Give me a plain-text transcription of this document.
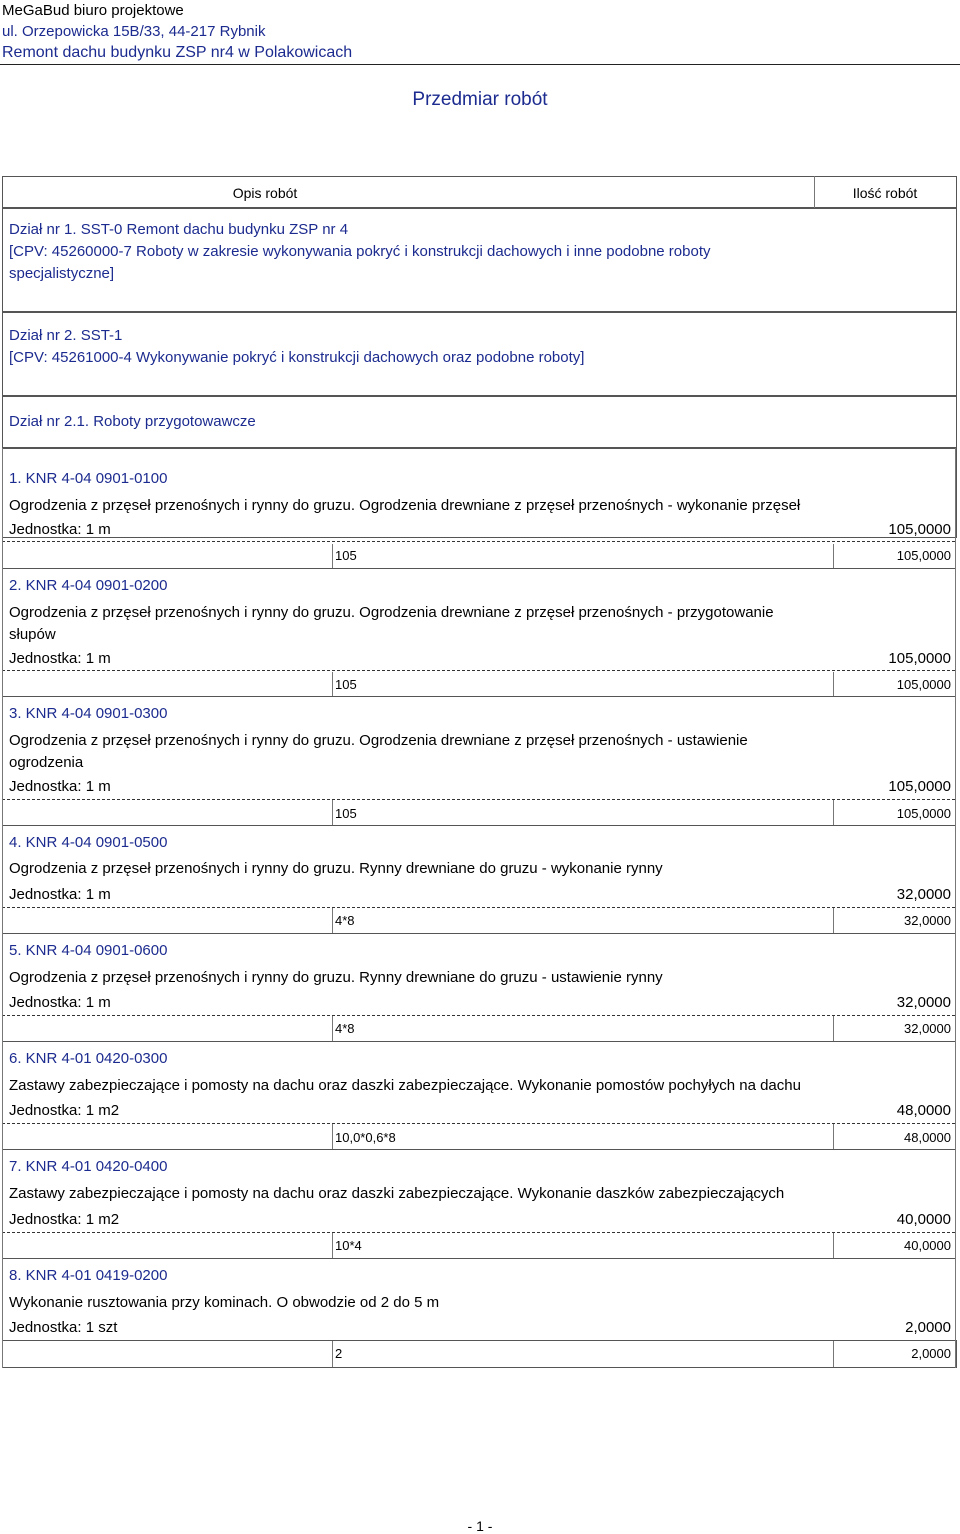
MeGaBud biuro projektowe
ul. Orzepowicka 15B/33, 44-217 Rybnik
Remont dachu budynku ZSP nr4 w Polakowicach
Przedmiar robót
Opis robót	Ilość robót
Dział nr 1. SST-0 Remont dachu budynku ZSP nr 4
[CPV: 45260000-7 Roboty w zakresie wykonywania pokryć i konstrukcji dachowych i inne podobne roboty
specjalistyczne]
Dział nr 2. SST-1
[CPV: 45261000-4 Wykonywanie pokryć i konstrukcji dachowych oraz podobne roboty]
Dział nr 2.1. Roboty przygotowawcze
1. KNR 4-04 0901-0100
Ogrodzenia z przęseł przenośnych i rynny do gruzu. Ogrodzenia drewniane z przęseł przenośnych - wykonanie przęseł
Jednostka: 1 m	105,0000
105	105,0000
2. KNR 4-04 0901-0200
Ogrodzenia z przęseł przenośnych i rynny do gruzu. Ogrodzenia drewniane z przęseł przenośnych - przygotowanie
słupów
Jednostka: 1 m	105,0000
105	105,0000
3. KNR 4-04 0901-0300
Ogrodzenia z przęseł przenośnych i rynny do gruzu. Ogrodzenia drewniane z przęseł przenośnych - ustawienie
ogrodzenia
Jednostka: 1 m	105,0000
105	105,0000
4. KNR 4-04 0901-0500
Ogrodzenia z przęseł przenośnych i rynny do gruzu. Rynny drewniane do gruzu - wykonanie rynny
Jednostka: 1 m	32,0000
4*8	32,0000
5. KNR 4-04 0901-0600
Ogrodzenia z przęseł przenośnych i rynny do gruzu. Rynny drewniane do gruzu - ustawienie rynny
Jednostka: 1 m	32,0000
4*8	32,0000
6. KNR 4-01 0420-0300
Zastawy zabezpieczające i pomosty na dachu oraz daszki zabezpieczające. Wykonanie pomostów pochyłych na dachu
Jednostka: 1 m2	48,0000
10,0*0,6*8	48,0000
7. KNR 4-01 0420-0400
Zastawy zabezpieczające i pomosty na dachu oraz daszki zabezpieczające. Wykonanie daszków zabezpieczających
Jednostka: 1 m2	40,0000
10*4	40,0000
8. KNR 4-01 0419-0200
Wykonanie rusztowania przy kominach. O obwodzie od 2 do 5 m
Jednostka: 1 szt	2,0000
2	2,0000
- 1 -
